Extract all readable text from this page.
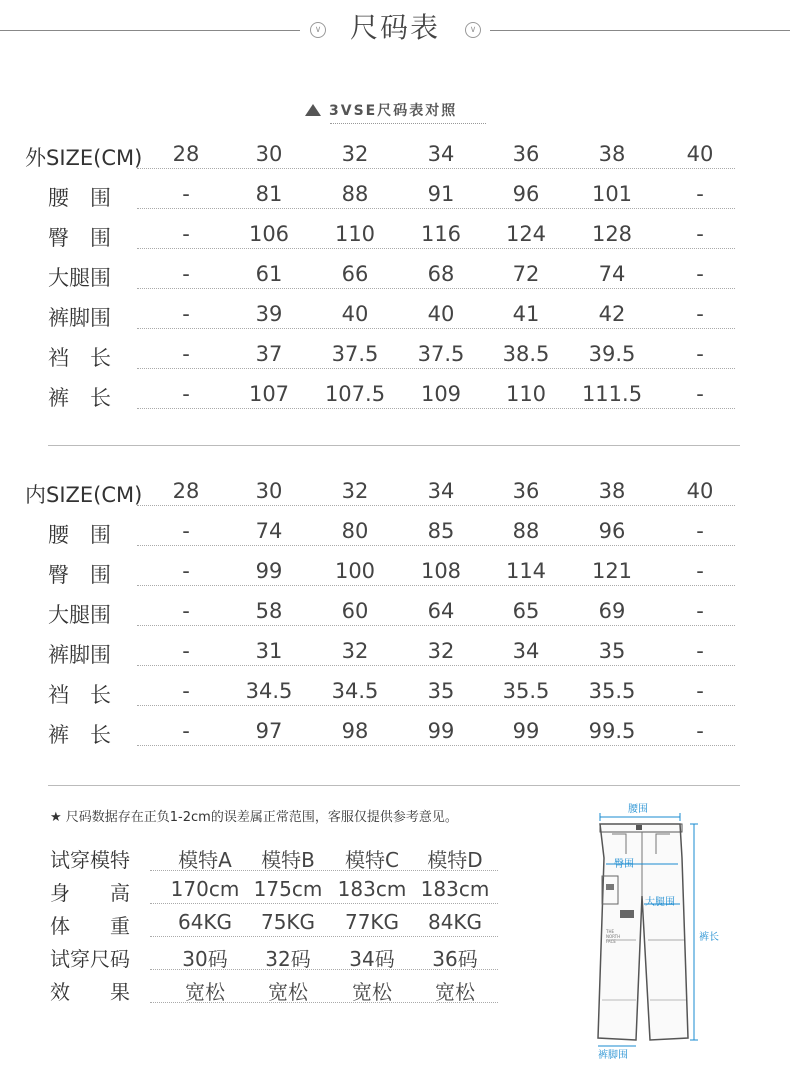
∨	尺码表	∨
3VSE尺码表对照
外SIZE(CM)	28	30	32	34	36	38	40
腰　围	-	81	88	91	96	101	-
臀　围	-	106	110	116	124	128	-
大腿围	-	61	66	68	72	74	-
裤脚围	-	39	40	40	41	42	-
裆　长	-	37	37.5	37.5	38.5	39.5	-
裤　长	-	107	107.5	109	110	111.5	-
内SIZE(CM)	28	30	32	34	36	38	40
腰　围	-	74	80	85	88	96	-
臀　围	-	99	100	108	114	121	-
大腿围	-	58	60	64	65	69	-
裤脚围	-	31	32	32	34	35	-
裆　长	-	34.5	34.5	35	35.5	35.5	-
裤　长	-	97	98	99	99	99.5	-
★ 尺码数据存在正负1-2cm的误差属正常范围，客服仅提供参考意见。
试穿模特	模特A	模特B	模特C	模特D
身　　高	170cm 175cm 183cm 183cm
体　　重	64KG	75KG	77KG	84KG
试穿尺码	30码	32码	34码	36码
效　　果	宽松	宽松	宽松	宽松
腰围
臀围
大腿围
裤长
裤脚围
THE NORTH FACE
